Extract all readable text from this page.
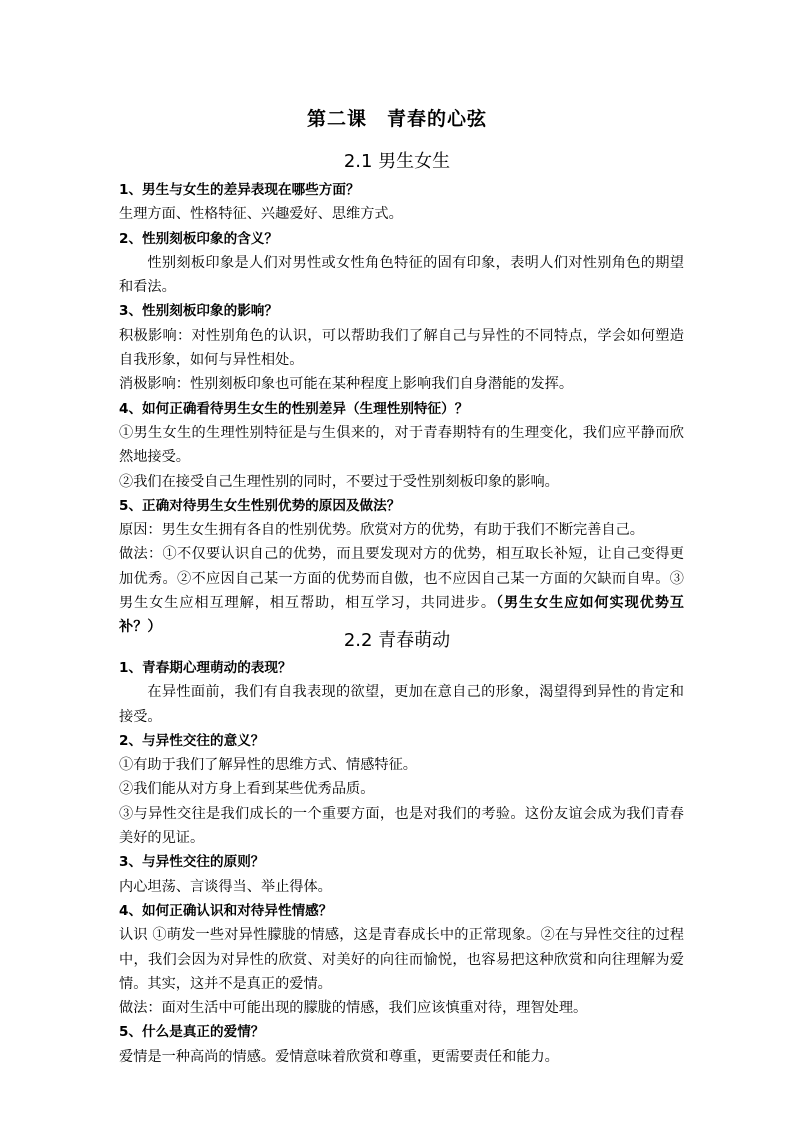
第二课　青春的心弦
2.1 男生女生

1、男生与女生的差异表现在哪些方面？

生理方面、性格特征、兴趣爱好、思维方式。

2、性别刻板印象的含义？

性别刻板印象是人们对男性或女性角色特征的固有印象，表明人们对性别角色的期望和看法。

3、性别刻板印象的影响？

积极影响：对性别角色的认识，可以帮助我们了解自己与异性的不同特点，学会如何塑造自我形象，如何与异性相处。

消极影响：性别刻板印象也可能在某种程度上影响我们自身潜能的发挥。

4、如何正确看待男生女生的性别差异（生理性别特征）？

①男生女生的生理性别特征是与生俱来的，对于青春期特有的生理变化，我们应平静而欣然地接受。

②我们在接受自己生理性别的同时，不要过于受性别刻板印象的影响。

5、正确对待男生女生性别优势的原因及做法？

原因：男生女生拥有各自的性别优势。欣赏对方的优势，有助于我们不断完善自己。

做法：①不仅要认识自己的优势，而且要发现对方的优势，相互取长补短，让自己变得更加优秀。②不应因自己某一方面的优势而自傲，也不应因自己某一方面的欠缺而自卑。③男生女生应相互理解，相互帮助，相互学习，共同进步。（男生女生应如何实现优势互补？）

2.2 青春萌动

1、青春期心理萌动的表现？

在异性面前，我们有自我表现的欲望，更加在意自己的形象，渴望得到异性的肯定和接受。

2、与异性交往的意义？

①有助于我们了解异性的思维方式、情感特征。

②我们能从对方身上看到某些优秀品质。

③与异性交往是我们成长的一个重要方面，也是对我们的考验。这份友谊会成为我们青春美好的见证。

3、与异性交往的原则？

内心坦荡、言谈得当、举止得体。

4、如何正确认识和对待异性情感？

认识 ①萌发一些对异性朦胧的情感，这是青春成长中的正常现象。②在与异性交往的过程中，我们会因为对异性的欣赏、对美好的向往而愉悦，也容易把这种欣赏和向往理解为爱情。其实，这并不是真正的爱情。

做法：面对生活中可能出现的朦胧的情感，我们应该慎重对待，理智处理。

5、什么是真正的爱情？

爱情是一种高尚的情感。爱情意味着欣赏和尊重，更需要责任和能力。
